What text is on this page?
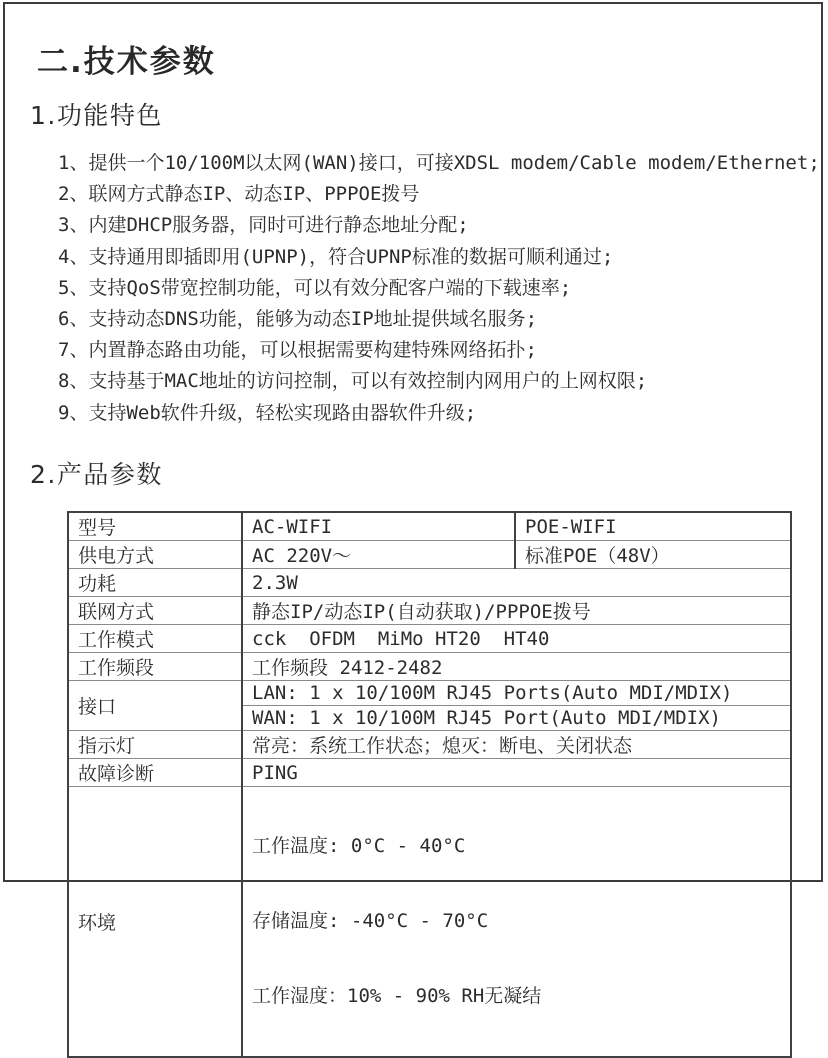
二.技术参数
1.功能特色
1、提供一个10/100M以太网(WAN)接口，可接XDSL modem/Cable modem/Ethernet;
2、联网方式静态IP、动态IP、PPPOE拨号
3、内建DHCP服务器，同时可进行静态地址分配;
4、支持通用即插即用(UPNP)，符合UPNP标准的数据可顺利通过;
5、支持QoS带宽控制功能，可以有效分配客户端的下载速率;
6、支持动态DNS功能，能够为动态IP地址提供域名服务;
7、内置静态路由功能，可以根据需要构建特殊网络拓扑;
8、支持基于MAC地址的访问控制，可以有效控制内网用户的上网权限;
9、支持Web软件升级，轻松实现路由器软件升级;
2.产品参数
型号	AC-WIFI	POE-WIFI
供电方式	AC 220V～	标准POE（48V）
功耗	2.3W	
联网方式	静态IP/动态IP(自动获取)/PPPOE拨号	
工作模式	cck  OFDM  MiMo HT20  HT40	
工作频段	工作频段 2412-2482	
接口	LAN: 1 x 10/100M RJ45 Ports(Auto MDI/MDIX)	
	WAN: 1 x 10/100M RJ45 Port(Auto MDI/MDIX)	
指示灯	常亮：系统工作状态；熄灭：断电、关闭状态	
故障诊断	PING	
环境	工作温度: 0°C - 40°C

存储温度: -40°C - 70°C

工作湿度：10% - 90% RH无凝结	
